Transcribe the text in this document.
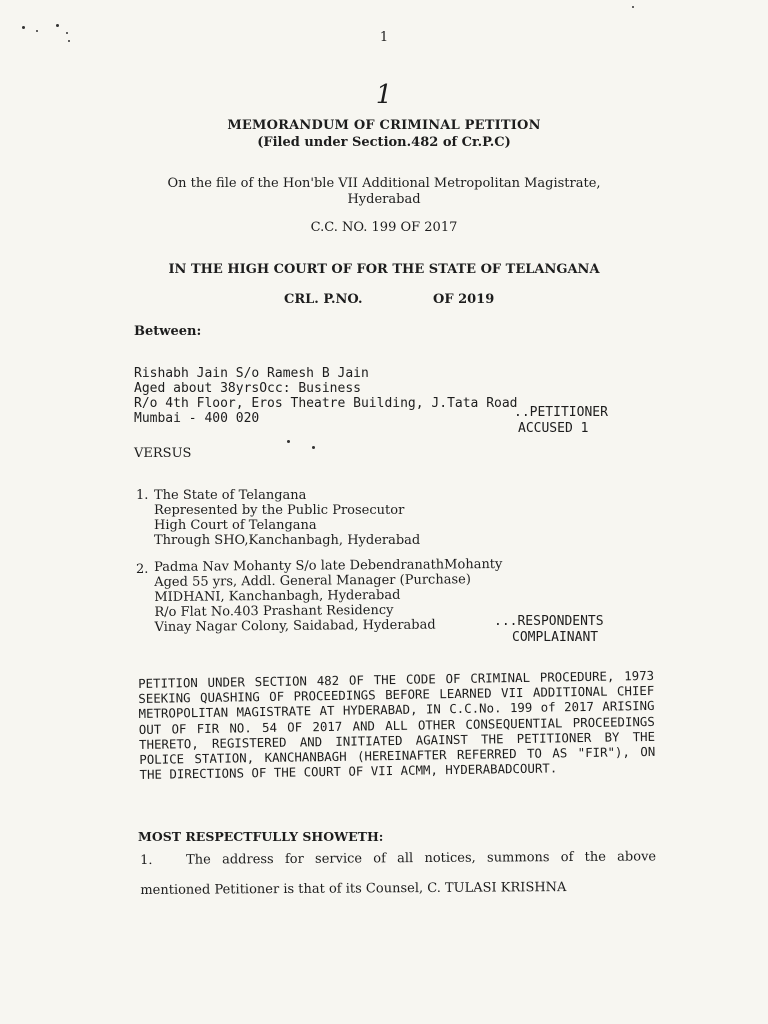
1
1
MEMORANDUM OF CRIMINAL PETITION
(Filed under Section.482 of Cr.P.C)
On the file of the Hon'ble VII Additional Metropolitan Magistrate,
Hyderabad
C.C. NO. 199 OF 2017
IN THE HIGH COURT OF FOR THE STATE OF TELANGANA
CRL. P.NO.	OF 2019
Between:
Rishabh Jain S/o Ramesh B Jain
Aged about 38yrsOcc: Business
R/o 4th Floor, Eros Theatre Building, J.Tata Road
Mumbai - 400 020	..PETITIONER
ACCUSED 1
VERSUS
1. The State of Telangana
Represented by the Public Prosecutor
High Court of Telangana
Through SHO,Kanchanbagh, Hyderabad
2. Padma Nav Mohanty S/o late DebendranathMohanty
Aged 55 yrs, Addl. General Manager (Purchase)
MIDHANI, Kanchanbagh, Hyderabad
R/o Flat No.403 Prashant Residency
Vinay Nagar Colony, Saidabad, Hyderabad	...RESPONDENTS
COMPLAINANT
PETITION UNDER SECTION 482 OF THE CODE OF CRIMINAL PROCEDURE, 1973 SEEKING QUASHING OF PROCEEDINGS BEFORE LEARNED VII ADDITIONAL CHIEF METROPOLITAN MAGISTRATE AT HYDERABAD, IN C.C.No. 199 of 2017 ARISING OUT OF FIR NO. 54 OF 2017 AND ALL OTHER CONSEQUENTIAL PROCEEDINGS THERETO, REGISTERED AND INITIATED AGAINST THE PETITIONER BY THE POLICE STATION, KANCHANBAGH (HEREINAFTER REFERRED TO AS "FIR"), ON THE DIRECTIONS OF THE COURT OF VII ACMM, HYDERABADCOURT.
MOST RESPECTFULLY SHOWETH:
1.	The address for service of all notices, summons of the above mentioned Petitioner is that of its Counsel, C. TULASI KRISHNA
